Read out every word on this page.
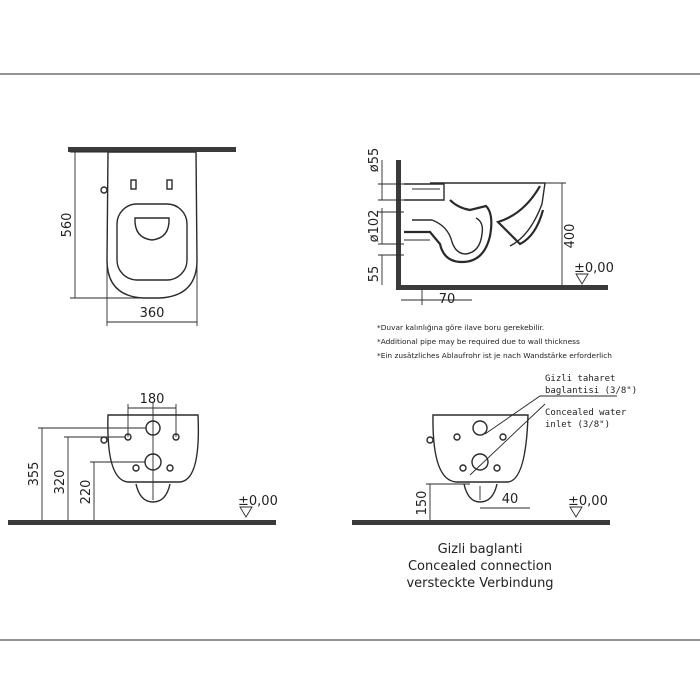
560
360
ø55
ø102
55
400
70
±0,00
*Duvar kalınlığına göre ilave boru gerekebilir.
*Additional pipe may be required due to wall thickness
*Ein zusätzliches Ablaufrohr ist je nach Wandstärke erforderlich
180
355 320 220	±0,00
Gizli taharet
baglantisi (3/8")
Concealed water
inlet (3/8")
150	40	±0,00
Gizli baglanti
Concealed connection
versteckte Verbindung
